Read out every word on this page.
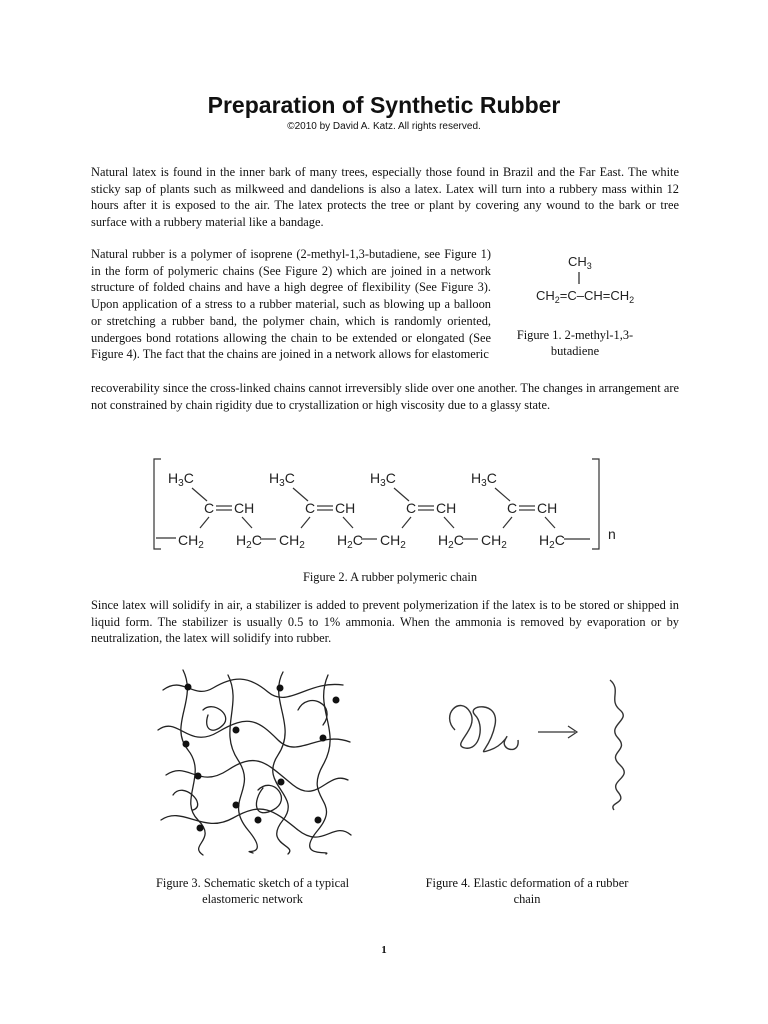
Preparation of Synthetic Rubber
©2010 by David A. Katz. All rights reserved.

Natural latex is found in the inner bark of many trees, especially those found in Brazil and the Far East. The white sticky sap of plants such as milkweed and dandelions is also a latex. Latex will turn into a rubbery mass within 12 hours after it is exposed to the air. The latex protects the tree or plant by covering any wound to the bark or tree surface with a rubbery material like a bandage.

Natural rubber is a polymer of isoprene (2-methyl-1,3-butadiene, see Figure 1) in the form of polymeric chains (See Figure 2) which are joined in a network structure of folded chains and have a high degree of flexibility (See Figure 3). Upon application of a stress to a rubber material, such as blowing up a balloon or stretching a rubber band, the polymer chain, which is randomly oriented, undergoes bond rotations allowing the chain to be extended or elongated (See Figure 4). The fact that the chains are joined in a network allows for elastomeric

recoverability since the cross-linked chains cannot irreversibly slide over one another. The changes in arrangement are not constrained by chain rigidity due to crystallization or high viscosity due to a glassy state.

$CH_3$
$CH_2=C-CH=CH_2$
Figure 1. 2-methyl-1,3-butadiene
n
$H_3C$
C CH
$CH_2$ $H_2C$
$H_3C$
C CH
$CH_2$ $H_2C$
$H_3C$
C CH
$CH_2$ $H_2C$
$H_3C$
C CH
$CH_2$ $H_2C$
Figure 2. A rubber polymeric chain

Since latex will solidify in air, a stabilizer is added to prevent polymerization if the latex is to be stored or shipped in liquid form. The stabilizer is usually 0.5 to 1% ammonia. When the ammonia is removed by evaporation or by neutralization, the latex will solidify into rubber.

Figure 3. Schematic sketch of a typical elastomeric network
Figure 4. Elastic deformation of a rubber chain
1
